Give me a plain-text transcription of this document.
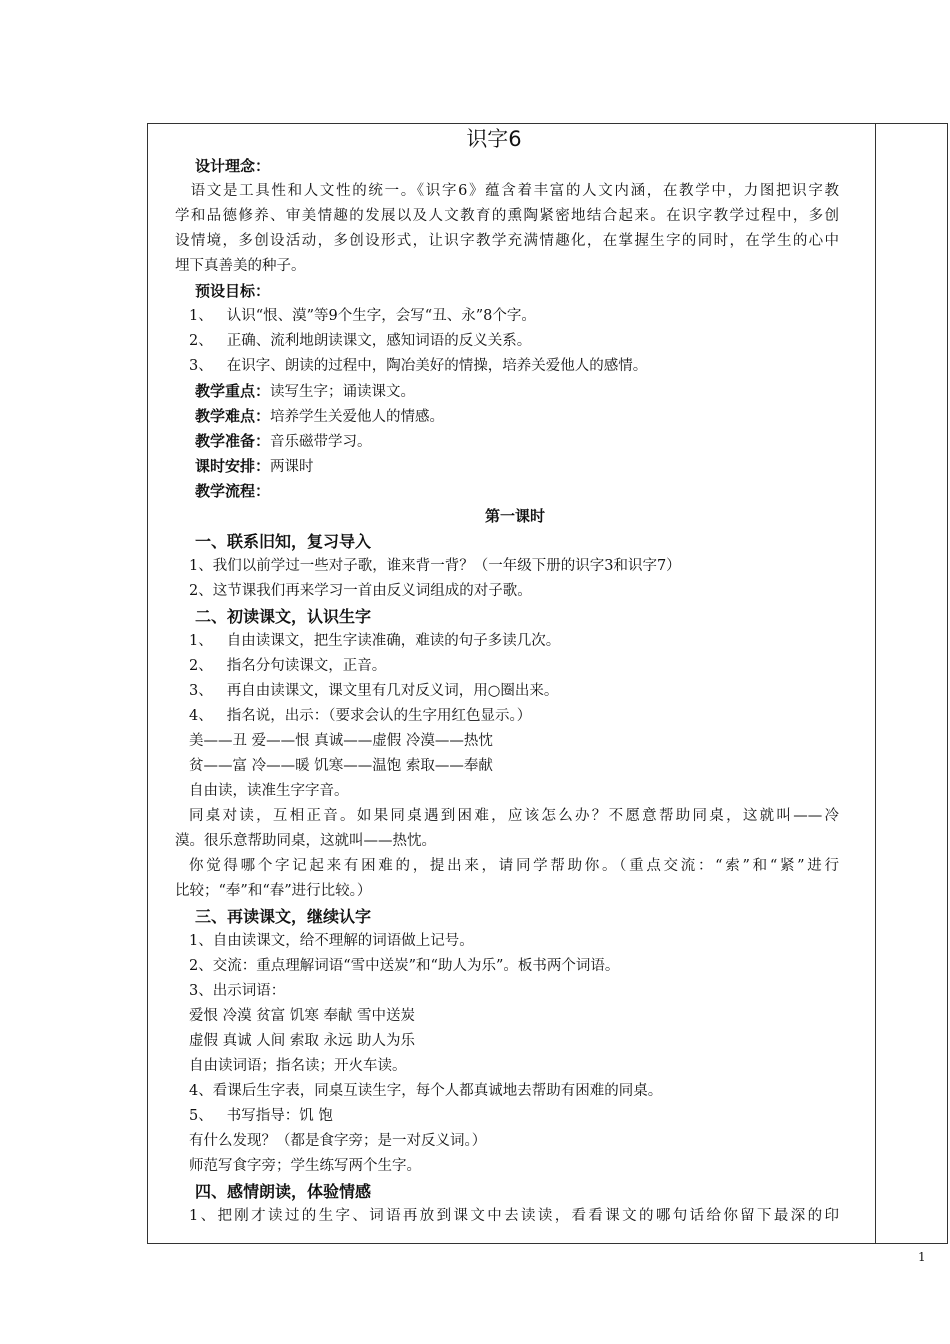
识字6
设计理念：
语文是工具性和人文性的统一。《识字6》蕴含着丰富的人文内涵，在教学中，力图把识字教
学和品德修养、审美情趣的发展以及人文教育的熏陶紧密地结合起来。在识字教学过程中，多创
设情境，多创设活动，多创设形式，让识字教学充满情趣化，在掌握生字的同时，在学生的心中
埋下真善美的种子。
预设目标：
1、 认识“恨、漠”等9个生字，会写“丑、永”8个字。
2、 正确、流利地朗读课文，感知词语的反义关系。
3、 在识字、朗读的过程中，陶冶美好的情操，培养关爱他人的感情。
教学重点：读写生字；诵读课文。
教学难点：培养学生关爱他人的情感。
教学准备：音乐磁带学习。
课时安排：两课时
教学流程：
第一课时
一、联系旧知，复习导入
1、我们以前学过一些对子歌，谁来背一背？（一年级下册的识字3和识字7）
2、这节课我们再来学习一首由反义词组成的对子歌。
二、初读课文，认识生字
1、 自由读课文，把生字读准确，难读的句子多读几次。
2、 指名分句读课文，正音。
3、 再自由读课文，课文里有几对反义词，用○圈出来。
4、 指名说，出示：（要求会认的生字用红色显示。）
美——丑 爱——恨 真诚——虚假 冷漠——热忱
贫——富 冷——暖 饥寒——温饱 索取——奉献
自由读，读准生字字音。
同桌对读，互相正音。如果同桌遇到困难，应该怎么办？不愿意帮助同桌，这就叫——冷
漠。很乐意帮助同桌，这就叫——热忱。
你觉得哪个字记起来有困难的，提出来，请同学帮助你。（重点交流：“索”和“紧”进行
比较；“奉”和“春”进行比较。）
三、再读课文，继续认字
1、自由读课文，给不理解的词语做上记号。
2、交流：重点理解词语“雪中送炭”和“助人为乐”。板书两个词语。
3、出示词语：
爱恨 冷漠 贫富 饥寒 奉献 雪中送炭
虚假 真诚 人间 索取 永远 助人为乐
自由读词语；指名读；开火车读。
4、看课后生字表，同桌互读生字，每个人都真诚地去帮助有困难的同桌。
5、 书写指导：饥 饱
有什么发现？（都是食字旁；是一对反义词。）
师范写食字旁；学生练写两个生字。
四、感情朗读，体验情感
1、把刚才读过的生字、词语再放到课文中去读读，看看课文的哪句话给你留下最深的印
1
